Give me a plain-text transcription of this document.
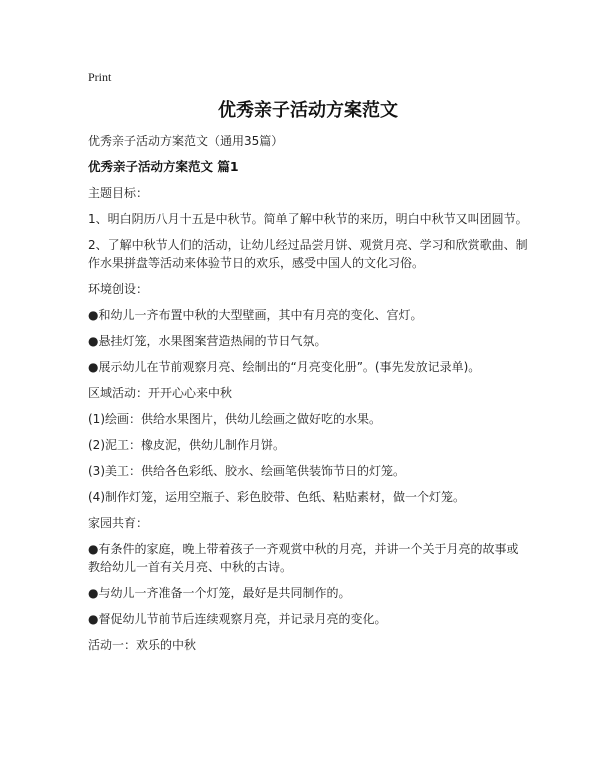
Print
优秀亲子活动方案范文

优秀亲子活动方案范文（通用35篇）

优秀亲子活动方案范文 篇1

主题目标：

1、明白阴历八月十五是中秋节。简单了解中秋节的来历，明白中秋节又叫团圆节。

2、了解中秋节人们的活动，让幼儿经过品尝月饼、观赏月亮、学习和欣赏歌曲、制作水果拼盘等活动来体验节日的欢乐，感受中国人的文化习俗。

环境创设：

●和幼儿一齐布置中秋的大型壁画，其中有月亮的变化、宫灯。

●悬挂灯笼，水果图案营造热闹的节日气氛。

●展示幼儿在节前观察月亮、绘制出的“月亮变化册”。(事先发放记录单)。

区域活动：开开心心来中秋

(1)绘画：供给水果图片，供幼儿绘画之做好吃的水果。

(2)泥工：橡皮泥，供幼儿制作月饼。

(3)美工：供给各色彩纸、胶水、绘画笔供装饰节日的灯笼。

(4)制作灯笼，运用空瓶子、彩色胶带、色纸、粘贴素材，做一个灯笼。

家园共育：

●有条件的家庭，晚上带着孩子一齐观赏中秋的月亮，并讲一个关于月亮的故事或教给幼儿一首有关月亮、中秋的古诗。

●与幼儿一齐准备一个灯笼，最好是共同制作的。

●督促幼儿节前节后连续观察月亮，并记录月亮的变化。

活动一：欢乐的中秋
